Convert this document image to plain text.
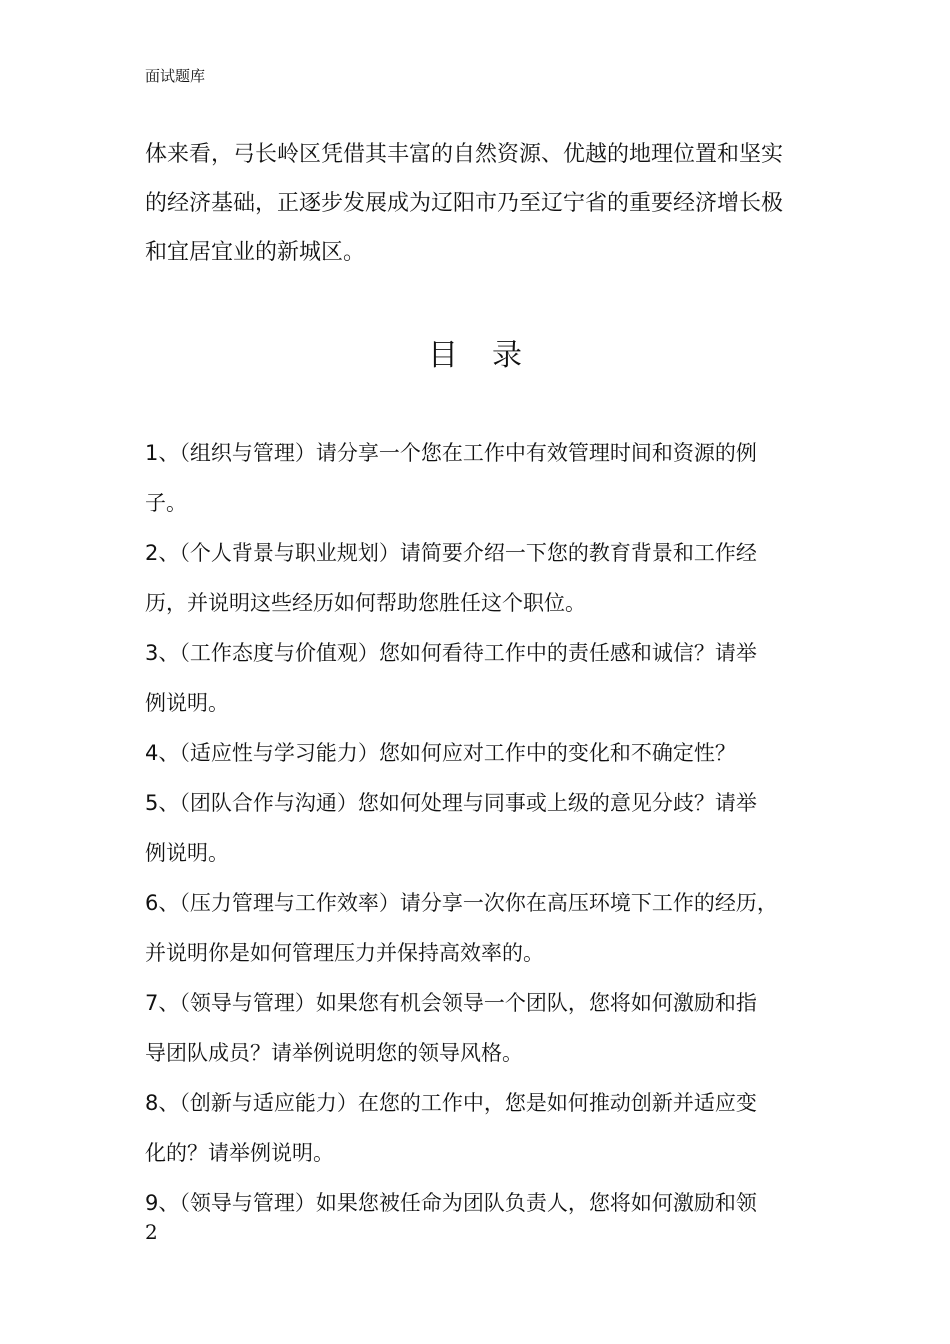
面试题库

体来看，弓长岭区凭借其丰富的自然资源、优越的地理位置和坚实

的经济基础，正逐步发展成为辽阳市乃至辽宁省的重要经济增长极

和宜居宜业的新城区。

目录

1、（组织与管理）请分享一个您在工作中有效管理时间和资源的例

子。

2、（个人背景与职业规划）请简要介绍一下您的教育背景和工作经

历，并说明这些经历如何帮助您胜任这个职位。

3、（工作态度与价值观）您如何看待工作中的责任感和诚信？请举

例说明。

4、（适应性与学习能力）您如何应对工作中的变化和不确定性？

5、（团队合作与沟通）您如何处理与同事或上级的意见分歧？请举

例说明。

6、（压力管理与工作效率）请分享一次你在高压环境下工作的经历，

并说明你是如何管理压力并保持高效率的。

7、（领导与管理）如果您有机会领导一个团队，您将如何激励和指

导团队成员？请举例说明您的领导风格。

8、（创新与适应能力）在您的工作中，您是如何推动创新并适应变

化的？请举例说明。

9、（领导与管理）如果您被任命为团队负责人，您将如何激励和领

2
